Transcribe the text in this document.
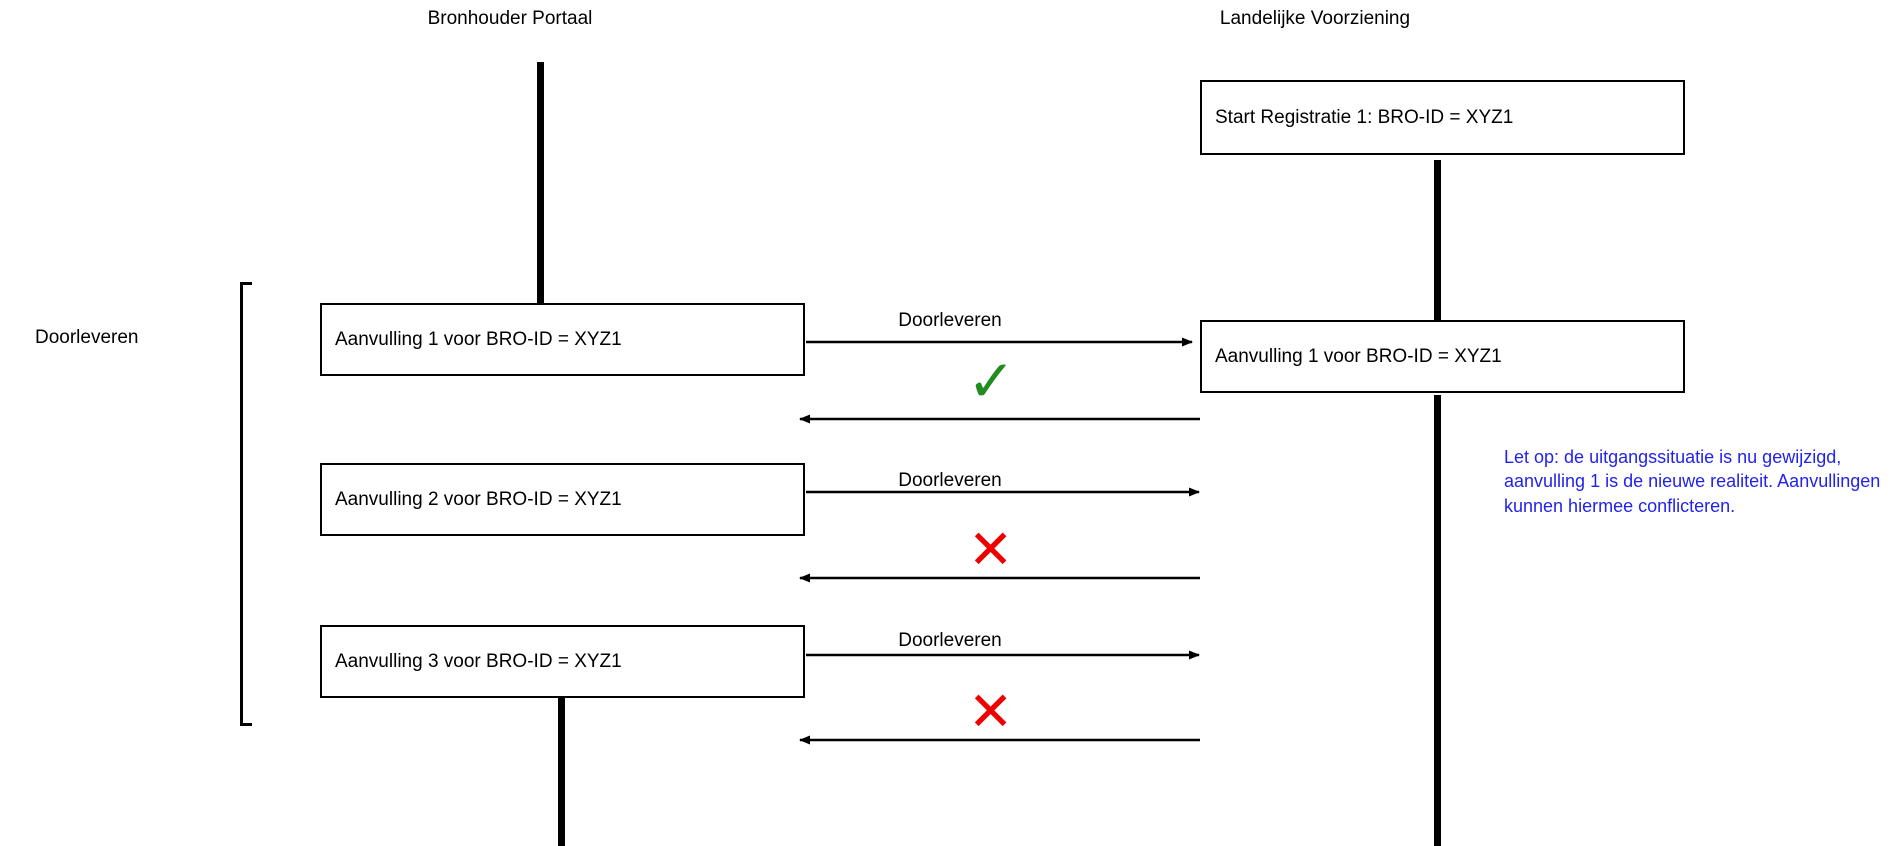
Bronhouder Portaal	Landelijke Voorziening
Doorleveren
Start Registratie 1: BRO-ID = XYZ1
Aanvulling 1 voor BRO-ID = XYZ1
Aanvulling 1 voor BRO-ID = XYZ1
Aanvulling 2 voor BRO-ID = XYZ1
Aanvulling 3 voor BRO-ID = XYZ1
Doorleveren
Doorleveren
Doorleveren
✓
✕
✕
Let op: de uitgangssituatie is nu gewijzigd, aanvulling 1 is de nieuwe realiteit. Aanvullingen kunnen hiermee conflicteren.
